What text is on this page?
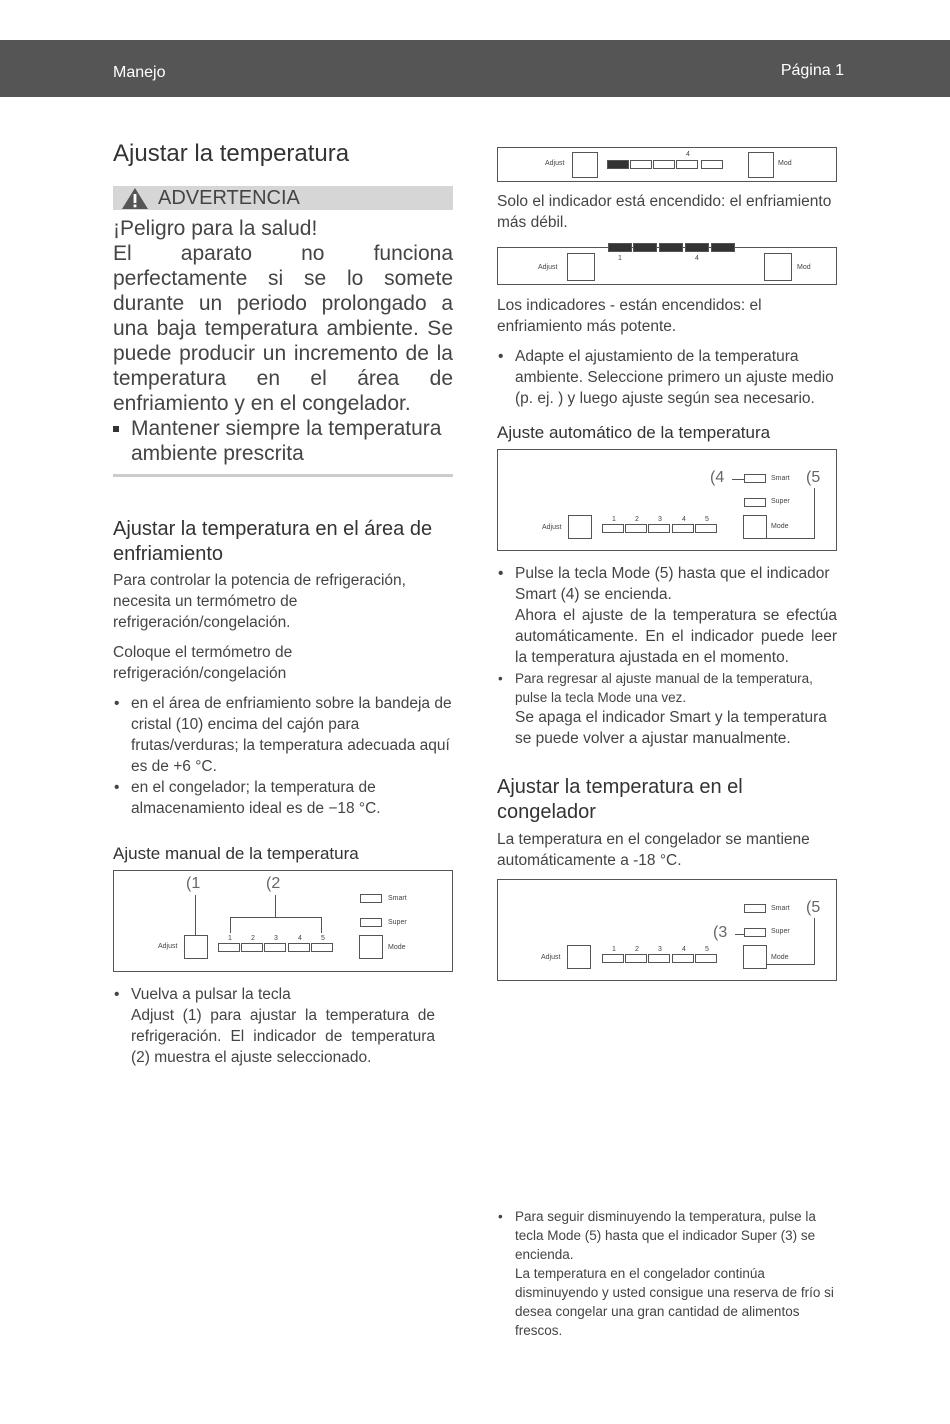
Manejo	Página 1
Ajustar la temperatura
ADVERTENCIA
¡Peligro para la salud!
El aparato no funciona perfectamente si se lo somete durante un periodo prolongado a una baja temperatura ambiente. Se puede producir un incremento de la temperatura en el área de enfriamiento y en el congelador.
Mantener siempre la temperatura ambiente prescrita
Ajustar la temperatura en el área de enfriamiento

Para controlar la potencia de refrigeración, necesita un termómetro de refrigeración/congelación.

Coloque el termómetro de refrigeración/congelación

• en el área de enfriamiento sobre la bandeja de cristal (10) encima del cajón para frutas/verduras; la temperatura adecuada aquí es de +6 °C.
• en el congelador; la temperatura de almacenamiento ideal es de −18 °C.
Ajuste manual de la temperatura
(1	(2
Adjust
1	2	3	4	5
Smart
Super
Mode
• Vuelva a pulsar la tecla
Adjust (1) para ajustar la temperatura de refrigeración. El indicador de temperatura (2) muestra el ajuste seleccionado.
Adjust
4
Mod

Solo el indicador está encendido: el enfriamiento más débil.

1	4
Adjust	Mod

Los indicadores - están encendidos: el enfriamiento más potente.

• Adapte el ajustamiento de la temperatura ambiente. Seleccione primero un ajuste medio (p. ej. ) y luego ajuste según sea necesario.
Ajuste automático de la temperatura
(4	(5
Smart
Super
Mode
Adjust
1	2	3	4	5
• Pulse la tecla Mode (5) hasta que el indicador Smart (4) se encienda.
Ahora el ajuste de la temperatura se efectúa automáticamente. En el indicador puede leer la temperatura ajustada en el momento.
• Para regresar al ajuste manual de la temperatura, pulse la tecla Mode una vez.
Se apaga el indicador Smart y la temperatura se puede volver a ajustar manualmente.
Ajustar la temperatura en el congelador

La temperatura en el congelador se mantiene automáticamente a -18 °C.

(5
(3
Smart
Super
Mode
Adjust
1	2	3	4	5
• Para seguir disminuyendo la temperatura, pulse la tecla Mode (5) hasta que el indicador Super (3) se encienda.
La temperatura en el congelador continúa disminuyendo y usted consigue una reserva de frío si desea congelar una gran cantidad de alimentos frescos.
